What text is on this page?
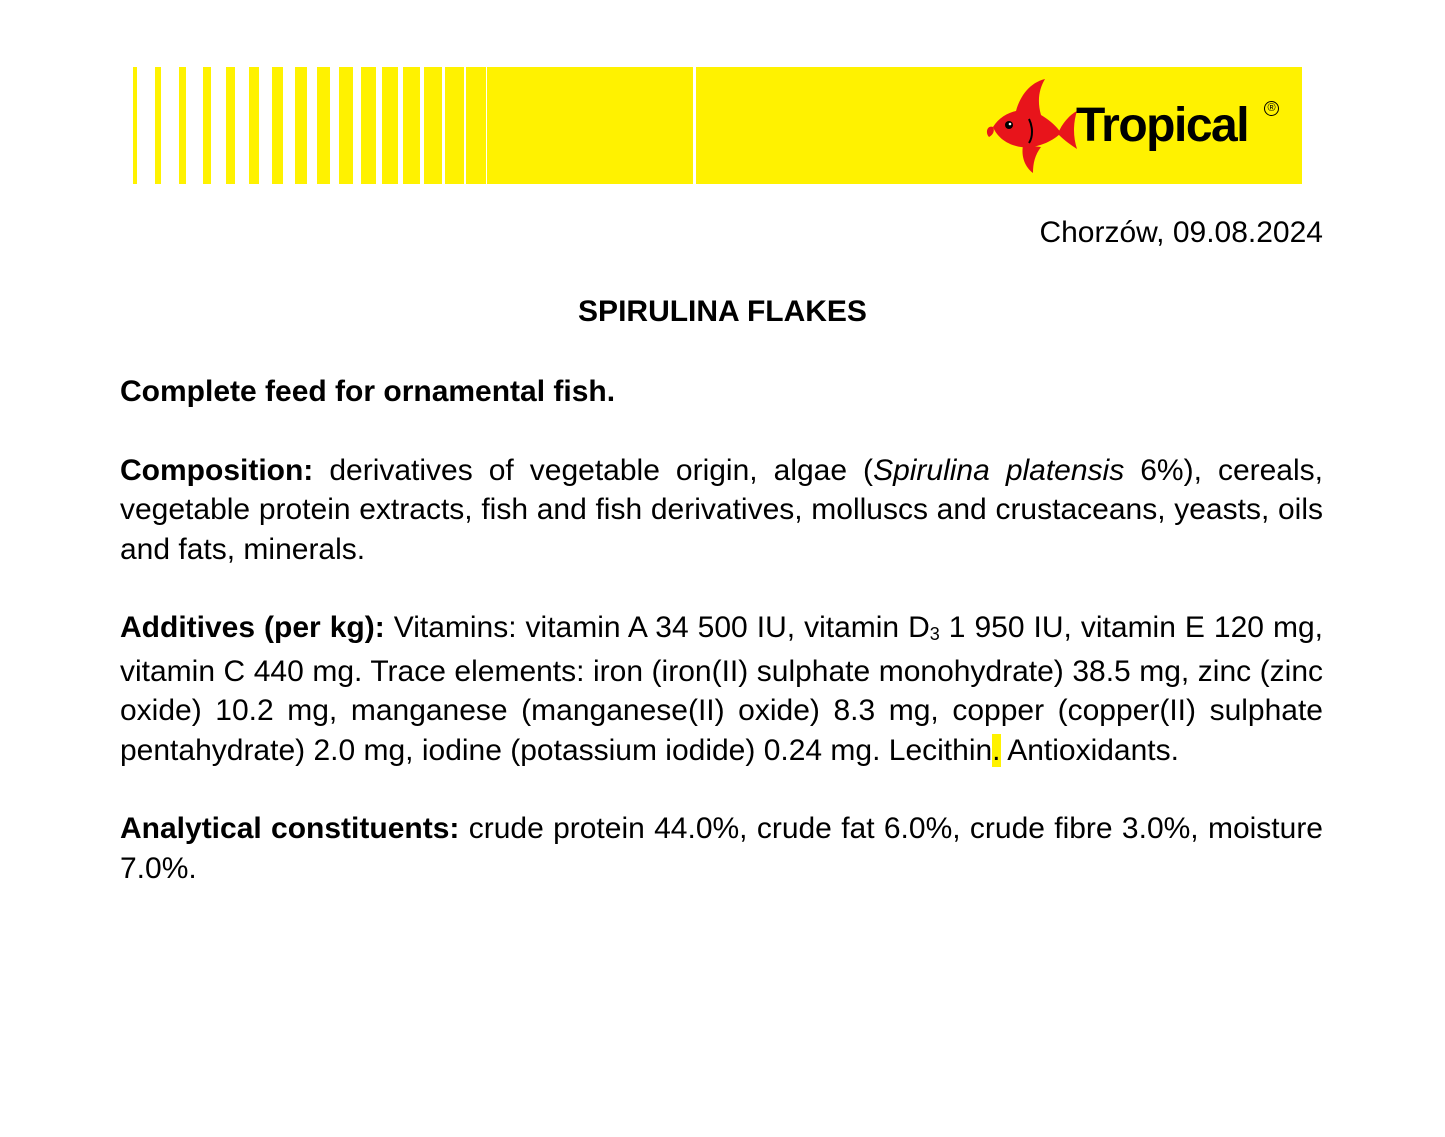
Tropical	®
Chorzów, 09.08.2024
SPIRULINA FLAKES

Complete feed for ornamental fish.

Composition: derivatives of vegetable origin, algae (Spirulina platensis 6%), cereals, vegetable protein extracts, fish and fish derivatives, molluscs and crustaceans, yeasts, oils and fats, minerals.

Additives (per kg): Vitamins: vitamin A 34 500 IU, vitamin $D_3$ 1 950 IU, vitamin E 120 mg, vitamin C 440 mg. Trace elements: iron (iron(II) sulphate monohydrate) 38.5 mg, zinc (zinc oxide) 10.2 mg, manganese (manganese(II) oxide) 8.3 mg, copper (copper(II) sulphate pentahydrate) 2.0 mg, iodine (potassium iodide) 0.24 mg. Lecithin. Antioxidants.

Analytical constituents: crude protein 44.0%, crude fat 6.0%, crude fibre 3.0%, moisture 7.0%.
